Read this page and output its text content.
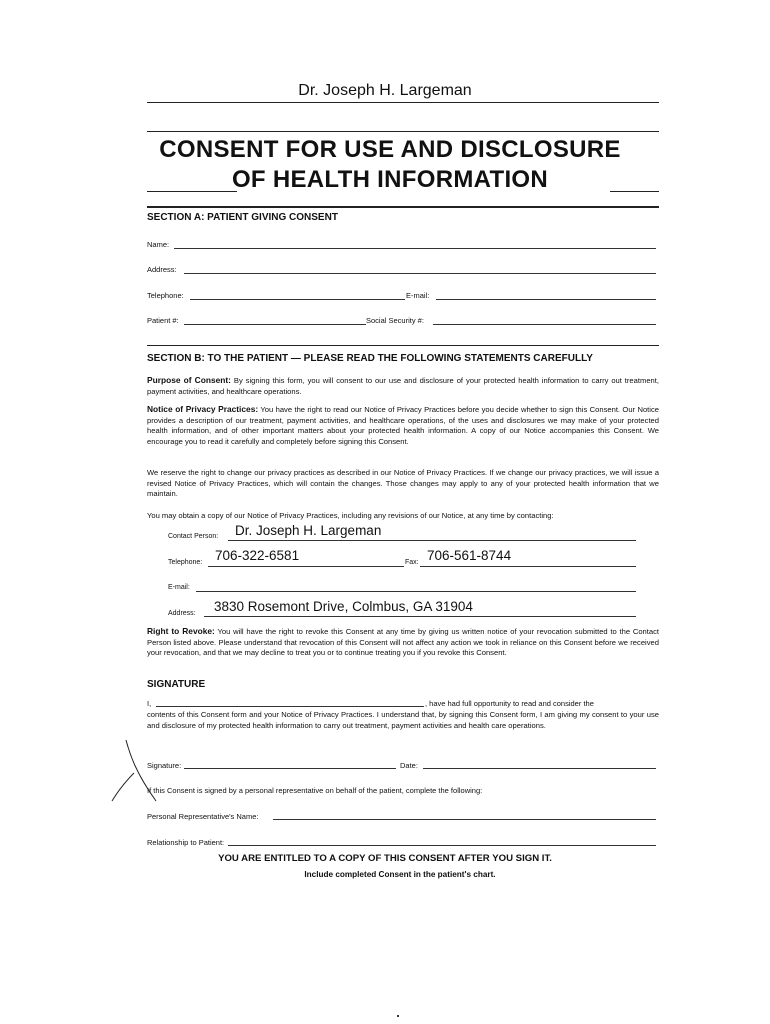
Dr. Joseph H. Largeman
CONSENT FOR USE AND DISCLOSURE
OF HEALTH INFORMATION
SECTION A: PATIENT GIVING CONSENT
Name:
Address:
Telephone:	E-mail:
Patient #:	Social Security #:
SECTION B: TO THE PATIENT — PLEASE READ THE FOLLOWING STATEMENTS CAREFULLY
Purpose of Consent: By signing this form, you will consent to our use and disclosure of your protected health information to carry out treatment, payment activities, and healthcare operations.
Notice of Privacy Practices: You have the right to read our Notice of Privacy Practices before you decide whether to sign this Consent. Our Notice provides a description of our treatment, payment activities, and healthcare operations, of the uses and disclosures we may make of your protected health information, and of other important matters about your protected health information. A copy of our Notice accompanies this Consent. We encourage you to read it carefully and completely before signing this Consent.
We reserve the right to change our privacy practices as described in our Notice of Privacy Practices. If we change our privacy practices, we will issue a revised Notice of Privacy Practices, which will contain the changes. Those changes may apply to any of your protected health information that we maintain.
You may obtain a copy of our Notice of Privacy Practices, including any revisions of our Notice, at any time by contacting:
Contact Person: Dr. Joseph H. Largeman
Telephone: 706-322-6581	Fax: 706-561-8744
E-mail:
Address: 3830 Rosemont Drive, Colmbus, GA 31904
Right to Revoke: You will have the right to revoke this Consent at any time by giving us written notice of your revocation submitted to the Contact Person listed above. Please understand that revocation of this Consent will not affect any action we took in reliance on this Consent before we received your revocation, and that we may decline to treat you or to continue treating you if you revoke this Consent.
SIGNATURE
I,	, have had full opportunity to read and consider the
contents of this Consent form and your Notice of Privacy Practices. I understand that, by signing this Consent form, I am giving my consent to your use and disclosure of my protected health information to carry out treatment, payment activities and health care operations.
Signature:	Date:
If this Consent is signed by a personal representative on behalf of the patient, complete the following:
Personal Representative's Name:
Relationship to Patient:
YOU ARE ENTITLED TO A COPY OF THIS CONSENT AFTER YOU SIGN IT.
Include completed Consent in the patient's chart.
